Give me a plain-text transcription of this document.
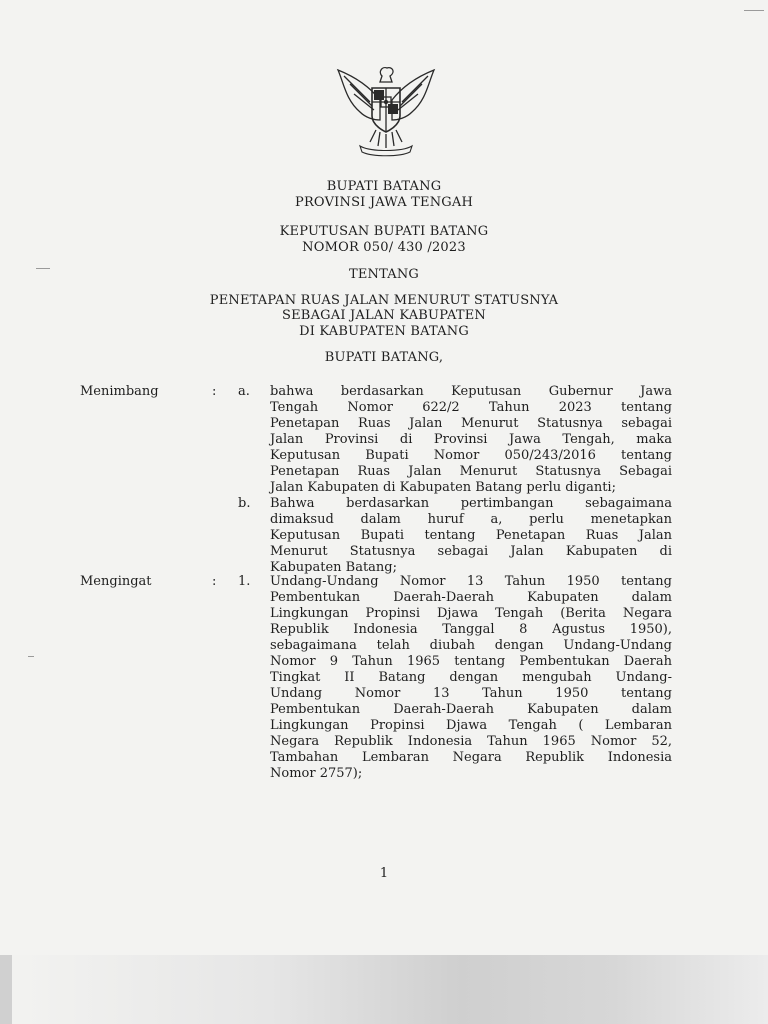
BUPATI BATANG
PROVINSI JAWA TENGAH
KEPUTUSAN BUPATI BATANG
NOMOR 050/ 430 /2023
TENTANG
PENETAPAN RUAS JALAN MENURUT STATUSNYA
SEBAGAI JALAN KABUPATEN
DI KABUPATEN BATANG
BUPATI BATANG,
Menimbang	: a. bahwa berdasarkan Keputusan Gubernur Jawa
Tengah Nomor 622/2 Tahun 2023 tentang
Penetapan Ruas Jalan Menurut Statusnya sebagai
Jalan Provinsi di Provinsi Jawa Tengah, maka
Keputusan Bupati Nomor 050/243/2016 tentang
Penetapan Ruas Jalan Menurut Statusnya Sebagai

Jalan Kabupaten di Kabupaten Batang perlu diganti;
b. Bahwa berdasarkan pertimbangan sebagaimana
dimaksud dalam huruf a, perlu menetapkan
Keputusan Bupati tentang Penetapan Ruas Jalan
Menurut Statusnya sebagai Jalan Kabupaten di

Kabupaten Batang;
Mengingat	: 1. Undang-Undang Nomor 13 Tahun 1950 tentang
Pembentukan Daerah-Daerah Kabupaten dalam
Lingkungan Propinsi Djawa Tengah (Berita Negara
Republik Indonesia Tanggal 8 Agustus 1950),
sebagaimana telah diubah dengan Undang-Undang
Nomor 9 Tahun 1965 tentang Pembentukan Daerah
Tingkat II Batang dengan mengubah Undang-
Undang Nomor 13 Tahun 1950 tentang
Pembentukan Daerah-Daerah Kabupaten dalam
Lingkungan Propinsi Djawa Tengah ( Lembaran
Negara Republik Indonesia Tahun 1965 Nomor 52,
Tambahan Lembaran Negara Republik Indonesia

Nomor 2757);
1
